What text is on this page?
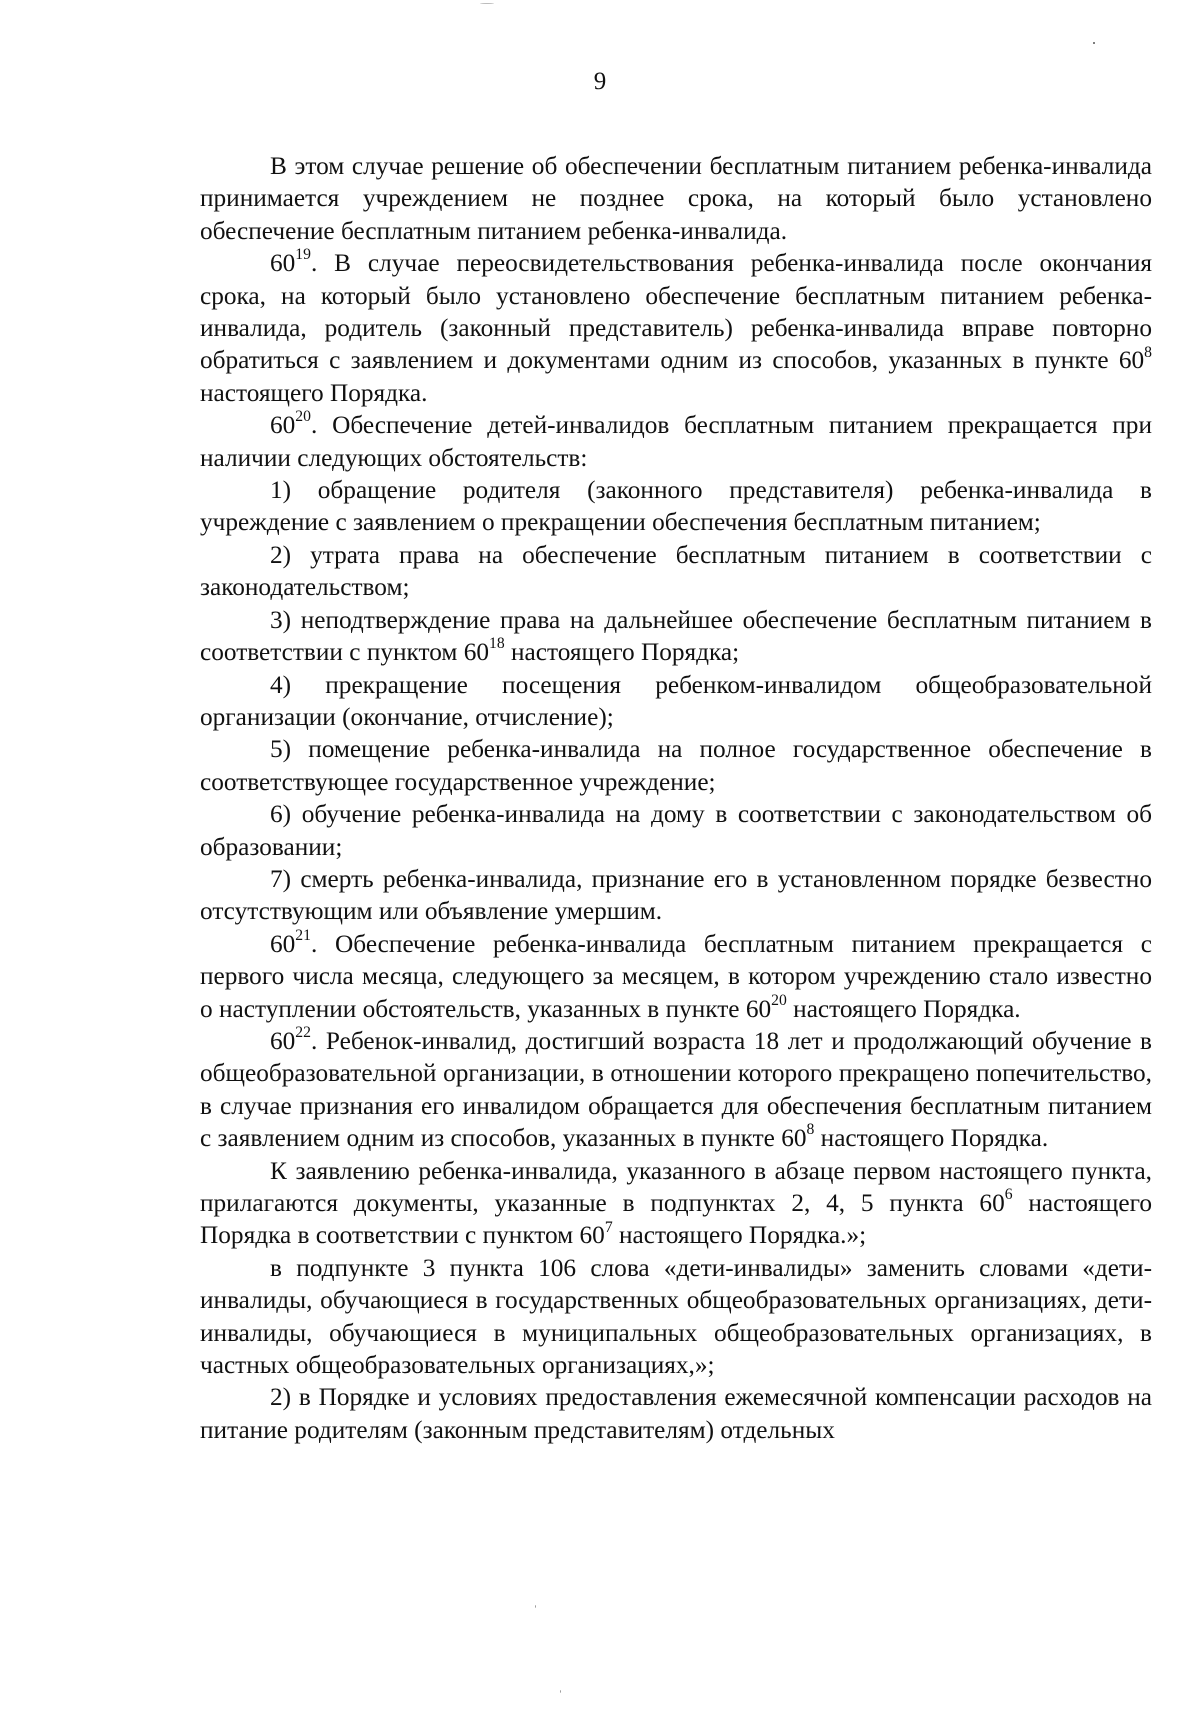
9

В этом случае решение об обеспечении бесплатным питанием ребенка-инвалида принимается учреждением не позднее срока, на который было установлено обеспечение бесплатным питанием ребенка-инвалида.

$60^{19}$. В случае переосвидетельствования ребенка-инвалида после окончания срока, на который было установлено обеспечение бесплатным питанием ребенка-инвалида, родитель (законный представитель) ребенка-инвалида вправе повторно обратиться с заявлением и документами одним из способов, указанных в пункте $60^8$ настоящего Порядка.

$60^{20}$. Обеспечение детей-инвалидов бесплатным питанием прекращается при наличии следующих обстоятельств:

1) обращение родителя (законного представителя) ребенка-инвалида в учреждение с заявлением о прекращении обеспечения бесплатным питанием;

2) утрата права на обеспечение бесплатным питанием в соответствии с законодательством;

3) неподтверждение права на дальнейшее обеспечение бесплатным питанием в соответствии с пунктом $60^{18}$ настоящего Порядка;

4) прекращение посещения ребенком-инвалидом общеобразовательной организации (окончание, отчисление);

5) помещение ребенка-инвалида на полное государственное обеспечение в соответствующее государственное учреждение;

6) обучение ребенка-инвалида на дому в соответствии с законодательством об образовании;

7) смерть ребенка-инвалида, признание его в установленном порядке безвестно отсутствующим или объявление умершим.

$60^{21}$. Обеспечение ребенка-инвалида бесплатным питанием прекращается с первого числа месяца, следующего за месяцем, в котором учреждению стало известно о наступлении обстоятельств, указанных в пункте $60^{20}$ настоящего Порядка.

$60^{22}$. Ребенок-инвалид, достигший возраста 18 лет и продолжающий обучение в общеобразовательной организации, в отношении которого прекращено попечительство, в случае признания его инвалидом обращается для обеспечения бесплатным питанием с заявлением одним из способов, указанных в пункте $60^8$ настоящего Порядка.

К заявлению ребенка-инвалида, указанного в абзаце первом настоящего пункта, прилагаются документы, указанные в подпунктах 2, 4, 5 пункта $60^6$ настоящего Порядка в соответствии с пунктом $60^7$ настоящего Порядка.»;

в подпункте 3 пункта 106 слова «дети-инвалиды» заменить словами «дети-инвалиды, обучающиеся в государственных общеобразовательных организациях, дети-инвалиды, обучающиеся в муниципальных общеобразовательных организациях, в частных общеобразовательных организациях,»;

2) в Порядке и условиях предоставления ежемесячной компенсации расходов на питание родителям (законным представителям) отдельных
